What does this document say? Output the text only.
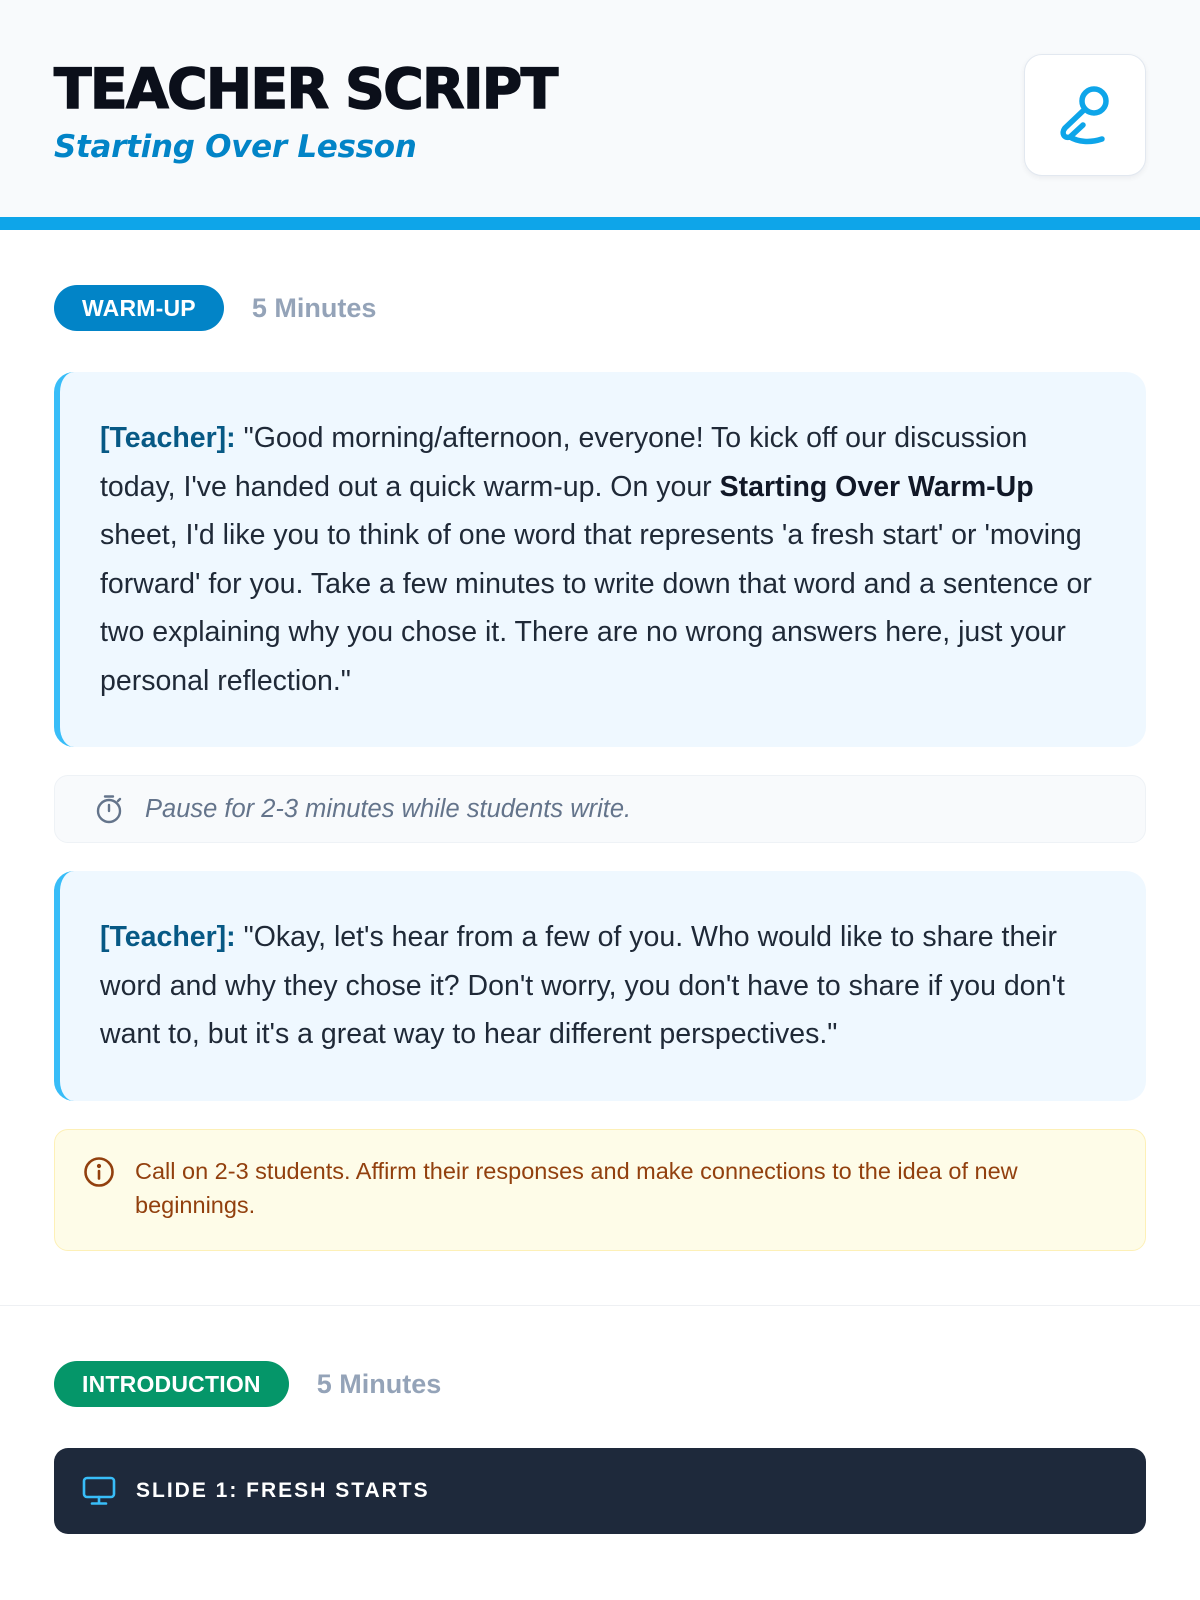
TEACHER SCRIPT
Starting Over Lesson
WARM-UP	5 Minutes
[Teacher]: "Good morning/afternoon, everyone! To kick off our discussion today, I've handed out a quick warm-up. On your Starting Over Warm-Up sheet, I'd like you to think of one word that represents 'a fresh start' or 'moving forward' for you. Take a few minutes to write down that word and a sentence or two explaining why you chose it. There are no wrong answers here, just your personal reflection."
Pause for 2-3 minutes while students write.
[Teacher]: "Okay, let's hear from a few of you. Who would like to share their word and why they chose it? Don't worry, you don't have to share if you don't want to, but it's a great way to hear different perspectives."
Call on 2-3 students. Affirm their responses and make connections to the idea of new beginnings.
INTRODUCTION	5 Minutes
SLIDE 1: FRESH STARTS
